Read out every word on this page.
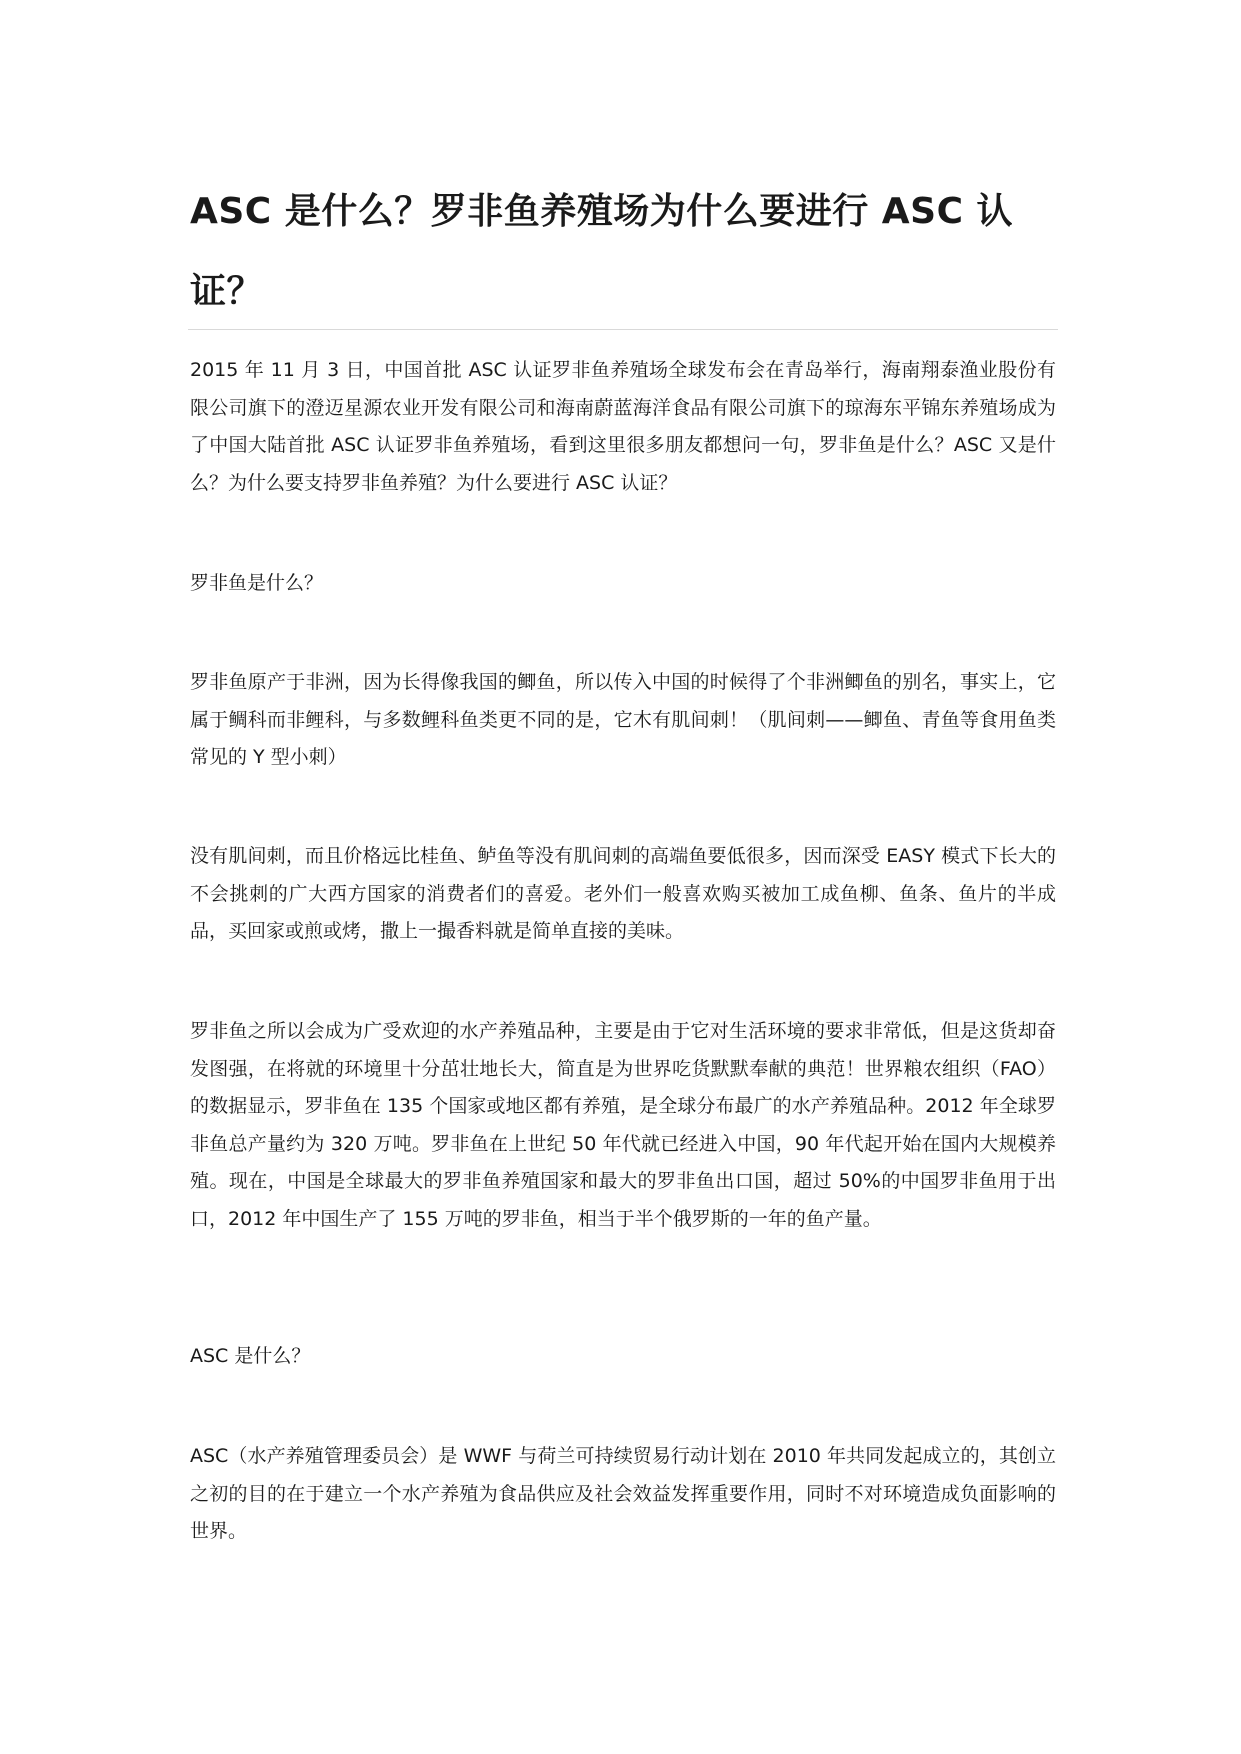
ASC 是什么？罗非鱼养殖场为什么要进行 ASC 认证？

2015 年 11 月 3 日，中国首批 ASC 认证罗非鱼养殖场全球发布会在青岛举行，海南翔泰渔业股份有限公司旗下的澄迈星源农业开发有限公司和海南蔚蓝海洋食品有限公司旗下的琼海东平锦东养殖场成为了中国大陆首批 ASC 认证罗非鱼养殖场，看到这里很多朋友都想问一句，罗非鱼是什么？ASC 又是什么？为什么要支持罗非鱼养殖？为什么要进行 ASC 认证？

罗非鱼是什么？

罗非鱼原产于非洲，因为长得像我国的鲫鱼，所以传入中国的时候得了个非洲鲫鱼的别名，事实上，它属于鲷科而非鲤科，与多数鲤科鱼类更不同的是，它木有肌间刺！（肌间刺——鲫鱼、青鱼等食用鱼类常见的 Y 型小刺）

没有肌间刺，而且价格远比桂鱼、鲈鱼等没有肌间刺的高端鱼要低很多，因而深受 EASY 模式下长大的不会挑刺的广大西方国家的消费者们的喜爱。老外们一般喜欢购买被加工成鱼柳、鱼条、鱼片的半成品，买回家或煎或烤，撒上一撮香料就是简单直接的美味。

罗非鱼之所以会成为广受欢迎的水产养殖品种，主要是由于它对生活环境的要求非常低，但是这货却奋发图强，在将就的环境里十分茁壮地长大，简直是为世界吃货默默奉献的典范！世界粮农组织（FAO）的数据显示，罗非鱼在 135 个国家或地区都有养殖，是全球分布最广的水产养殖品种。2012 年全球罗非鱼总产量约为 320 万吨。罗非鱼在上世纪 50 年代就已经进入中国，90 年代起开始在国内大规模养殖。现在，中国是全球最大的罗非鱼养殖国家和最大的罗非鱼出口国，超过 50%的中国罗非鱼用于出口，2012 年中国生产了 155 万吨的罗非鱼，相当于半个俄罗斯的一年的鱼产量。

ASC 是什么？

ASC（水产养殖管理委员会）是 WWF 与荷兰可持续贸易行动计划在 2010 年共同发起成立的，其创立之初的目的在于建立一个水产养殖为食品供应及社会效益发挥重要作用，同时不对环境造成负面影响的世界。
